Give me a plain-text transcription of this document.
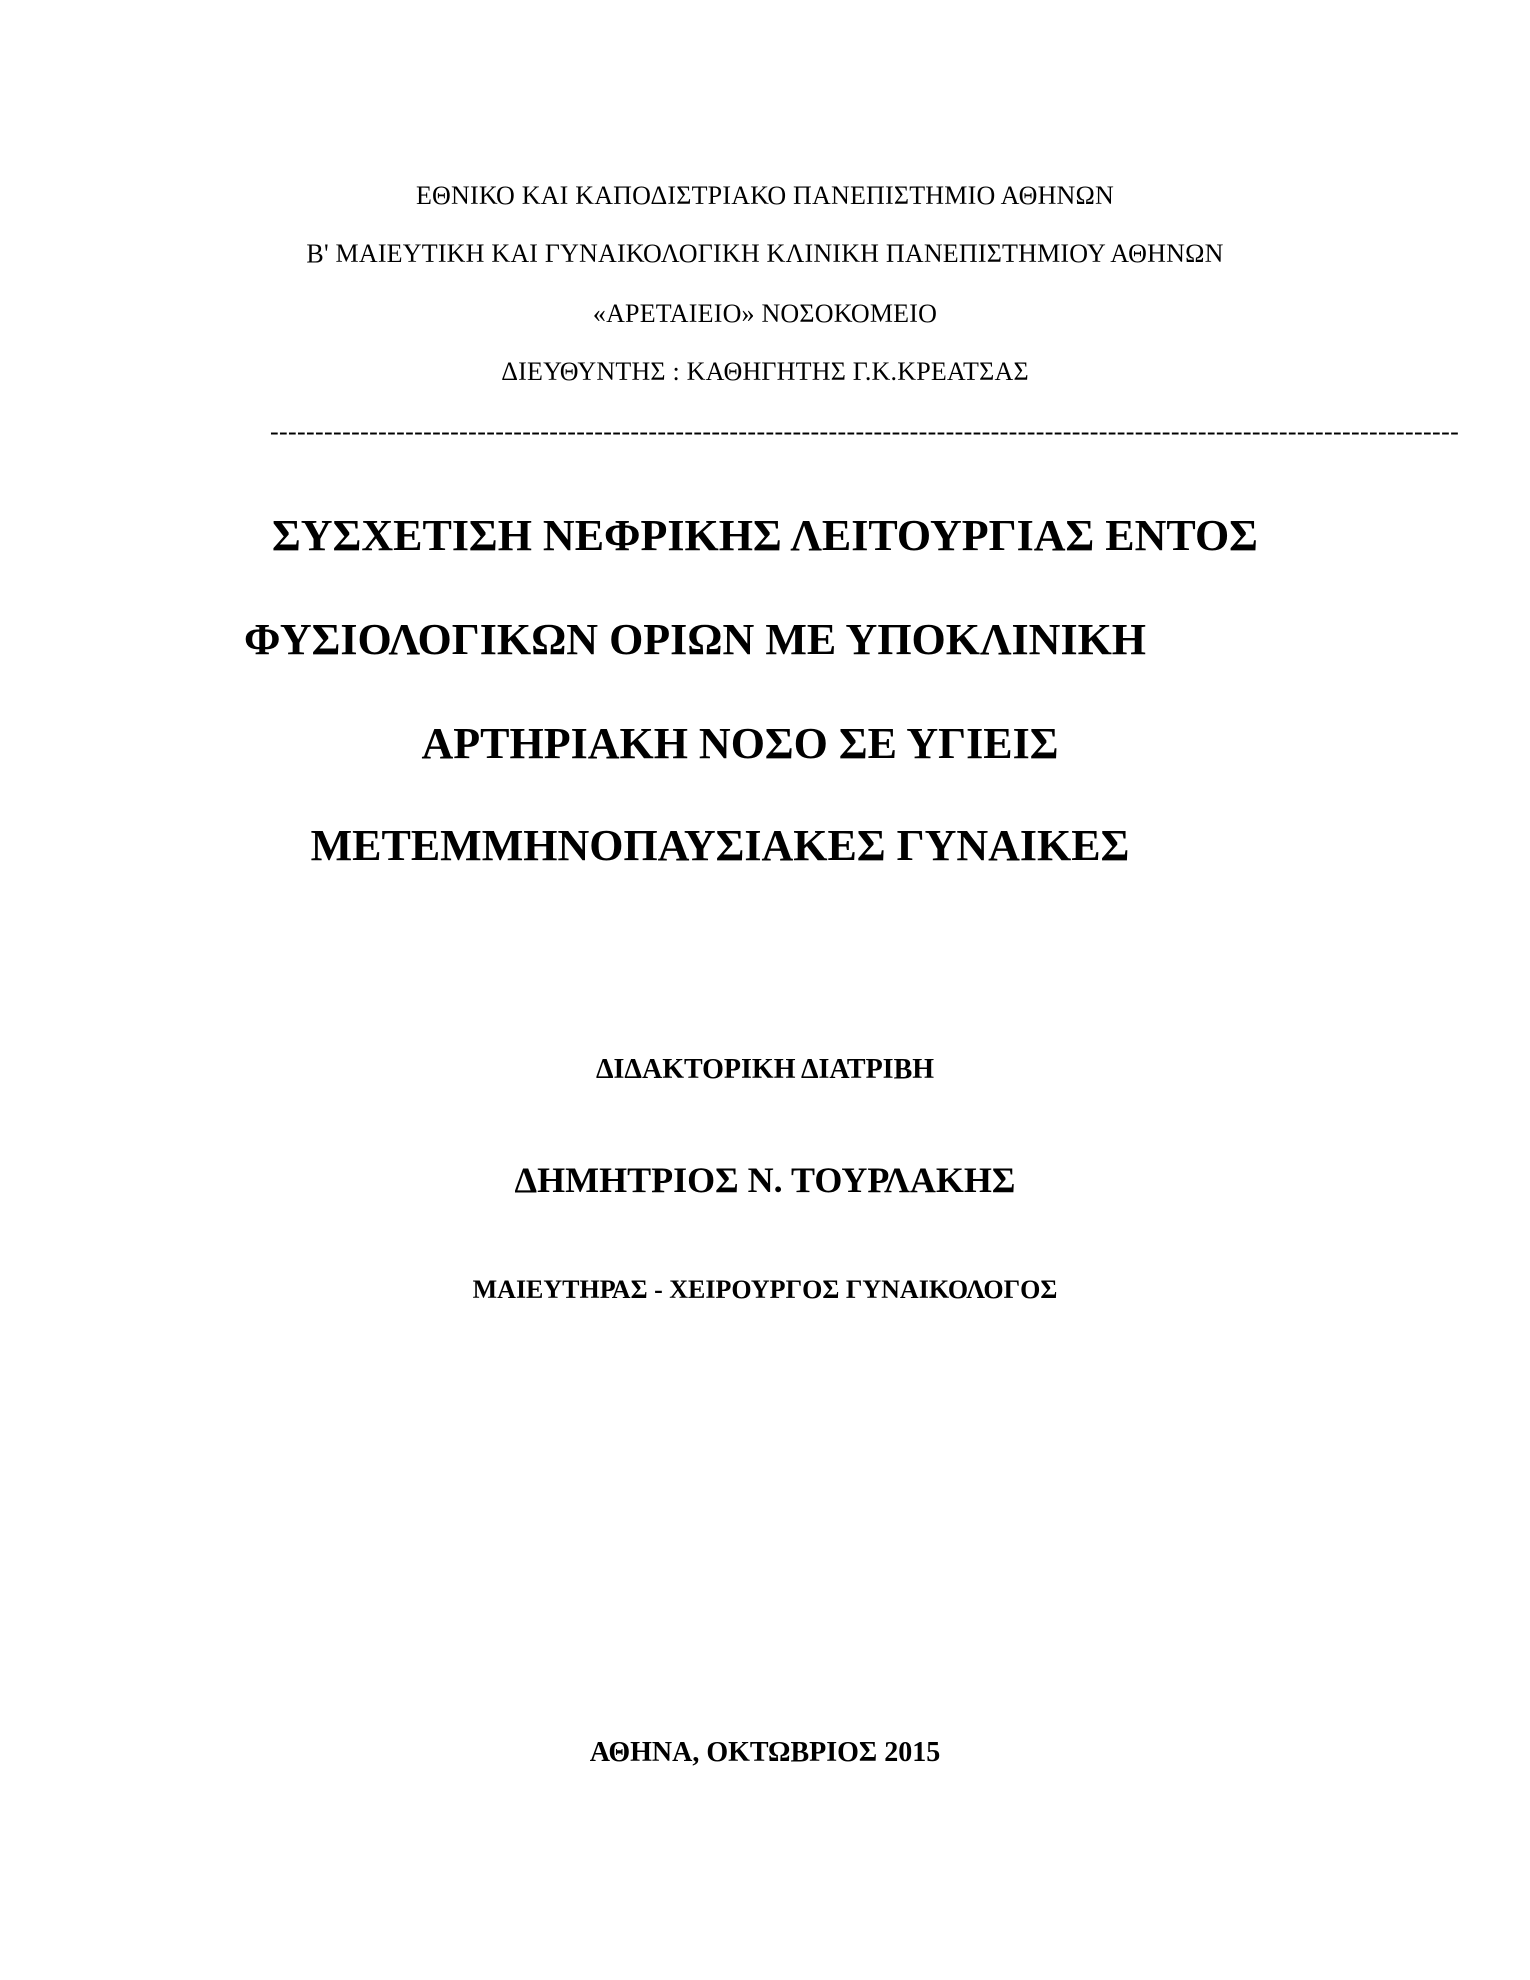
ΕΘΝΙΚΟ ΚΑΙ ΚΑΠΟΔΙΣΤΡΙΑΚΟ ΠΑΝΕΠΙΣΤΗΜΙΟ ΑΘΗΝΩΝ
Β' ΜΑΙΕΥΤΙΚΗ ΚΑΙ ΓΥΝΑΙΚΟΛΟΓΙΚΗ ΚΛΙΝΙΚΗ ΠΑΝΕΠΙΣΤΗΜΙΟΥ ΑΘΗΝΩΝ
«ΑΡΕΤΑΙΕΙΟ» ΝΟΣΟΚΟΜΕΙΟ
ΔΙΕΥΘΥΝΤΗΣ : ΚΑΘΗΓΗΤΗΣ Γ.Κ.ΚΡΕΑΤΣΑΣ
------------------------------------------------------------------------------------------------------------------------------------
ΣΥΣΧΕΤΙΣΗ ΝΕΦΡΙΚΗΣ ΛΕΙΤΟΥΡΓΙΑΣ ΕΝΤΟΣ
ΦΥΣΙΟΛΟΓΙΚΩΝ ΟΡΙΩΝ ΜΕ ΥΠΟΚΛΙΝΙΚΗ
ΑΡΤΗΡΙΑΚΗ ΝΟΣΟ ΣΕ ΥΓΙΕΙΣ
ΜΕΤΕΜΜΗΝΟΠΑΥΣΙΑΚΕΣ ΓΥΝΑΙΚΕΣ
ΔΙΔΑΚΤΟΡΙΚΗ ΔΙΑΤΡΙΒΗ
ΔΗΜΗΤΡΙΟΣ Ν. ΤΟΥΡΛΑΚΗΣ
ΜΑΙΕΥΤΗΡΑΣ - ΧΕΙΡΟΥΡΓΟΣ ΓΥΝΑΙΚΟΛΟΓΟΣ
ΑΘΗΝΑ, ΟΚΤΩΒΡΙΟΣ 2015
